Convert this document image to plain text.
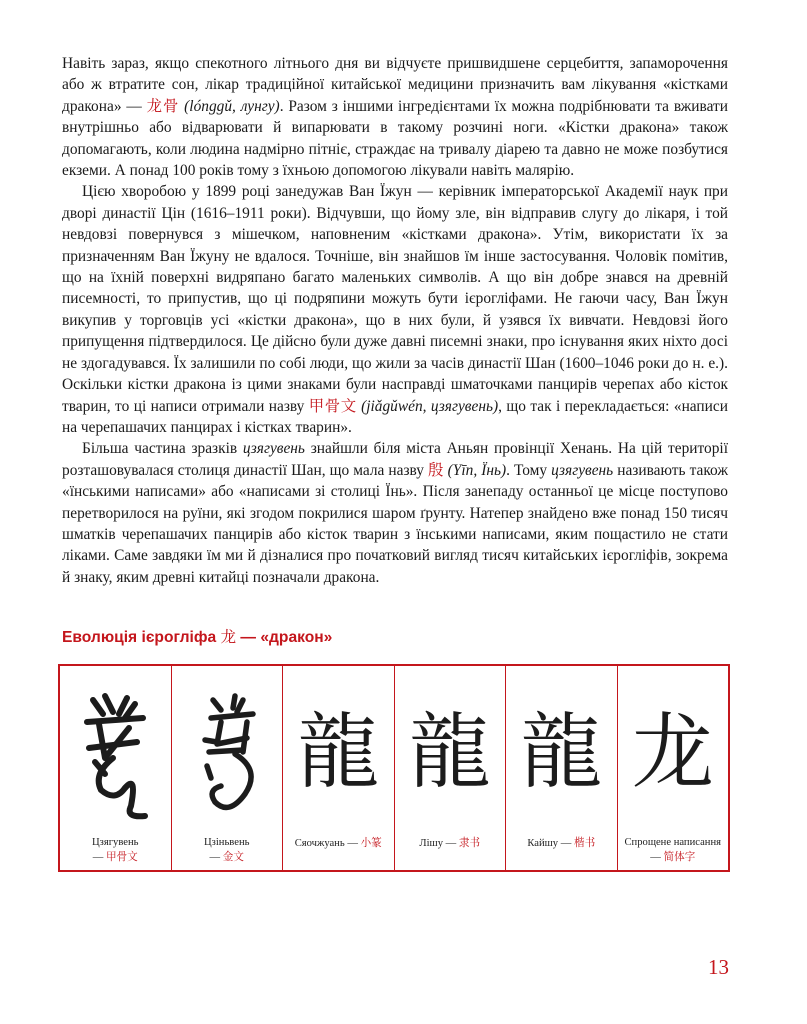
Навіть зараз, якщо спекотного літнього дня ви відчуєте пришвидшене серцебиття, запаморочення або ж втратите сон, лікар традиційної китайської медицини призначить вам лікування «кістками дракона» — 龙骨 (lónggǔ, лунгу). Разом з іншими інгредієнтами їх можна подрібнювати та вживати внутрішньо або відварювати й випарювати в такому розчині ноги. «Кістки дракона» також допомагають, коли людина надмірно пітніє, страждає на тривалу діарею та давно не може позбутися екземи. А понад 100 років тому з їхньою допомогою лікували навіть малярію.

Цією хворобою у 1899 році занедужав Ван Їжун — керівник імператорської Академії наук при дворі династії Цін (1616–1911 роки). Відчувши, що йому зле, він відправив слугу до лікаря, і той невдовзі повернувся з мішечком, наповненим «кістками дракона». Утім, використати їх за призначенням Ван Їжуну не вдалося. Точніше, він знайшов їм інше застосування. Чоловік помітив, що на їхній поверхні видряпано багато маленьких символів. А що він добре знався на древній писемності, то припустив, що ці подряпини можуть бути ієрогліфами. Не гаючи часу, Ван Їжун викупив у торговців усі «кістки дракона», що в них були, й узявся їх вивчати. Невдовзі його припущення підтвердилося. Це дійсно були дуже давні писемні знаки, про існування яких ніхто досі не здогадувався. Їх залишили по собі люди, що жили за часів династії Шан (1600–1046 роки до н. е.). Оскільки кістки дракона із цими знаками були насправді шматочками панцирів черепах або кісток тварин, то ці написи отримали назву 甲骨文 (jiǎgǔwén, цзягувень), що так і перекладається: «написи на черепашачих панцирах і кістках тварин».

Більша частина зразків цзягувень знайшли біля міста Аньян провінції Хенань. На цій території розташовувалася столиця династії Шан, що мала назву 殷 (Yīn, Їнь). Тому цзягувень називають також «їнськими написами» або «написами зі столиці Їнь». Після занепаду останньої це місце поступово перетворилося на руїни, які згодом покрилися шаром ґрунту. Натепер знайдено вже понад 150 тисяч шматків черепашачих панцирів або кісток тварин з їнськими написами, яким пощастило не стати ліками. Саме завдяки їм ми й дізналися про початковий вигляд тисяч китайських ієрогліфів, зокрема й знаку, яким древні китайці позначали дракона.

Еволюція ієрогліфа 龙 — «дракон»
Цзягувень
— 甲骨文
Цзіньвень
— 金文
龍
Сяочжуань — 小篆
龍
Лішу — 隶书
龍
Кайшу — 楷书
龙
Спрощене написання
— 简体字
13
